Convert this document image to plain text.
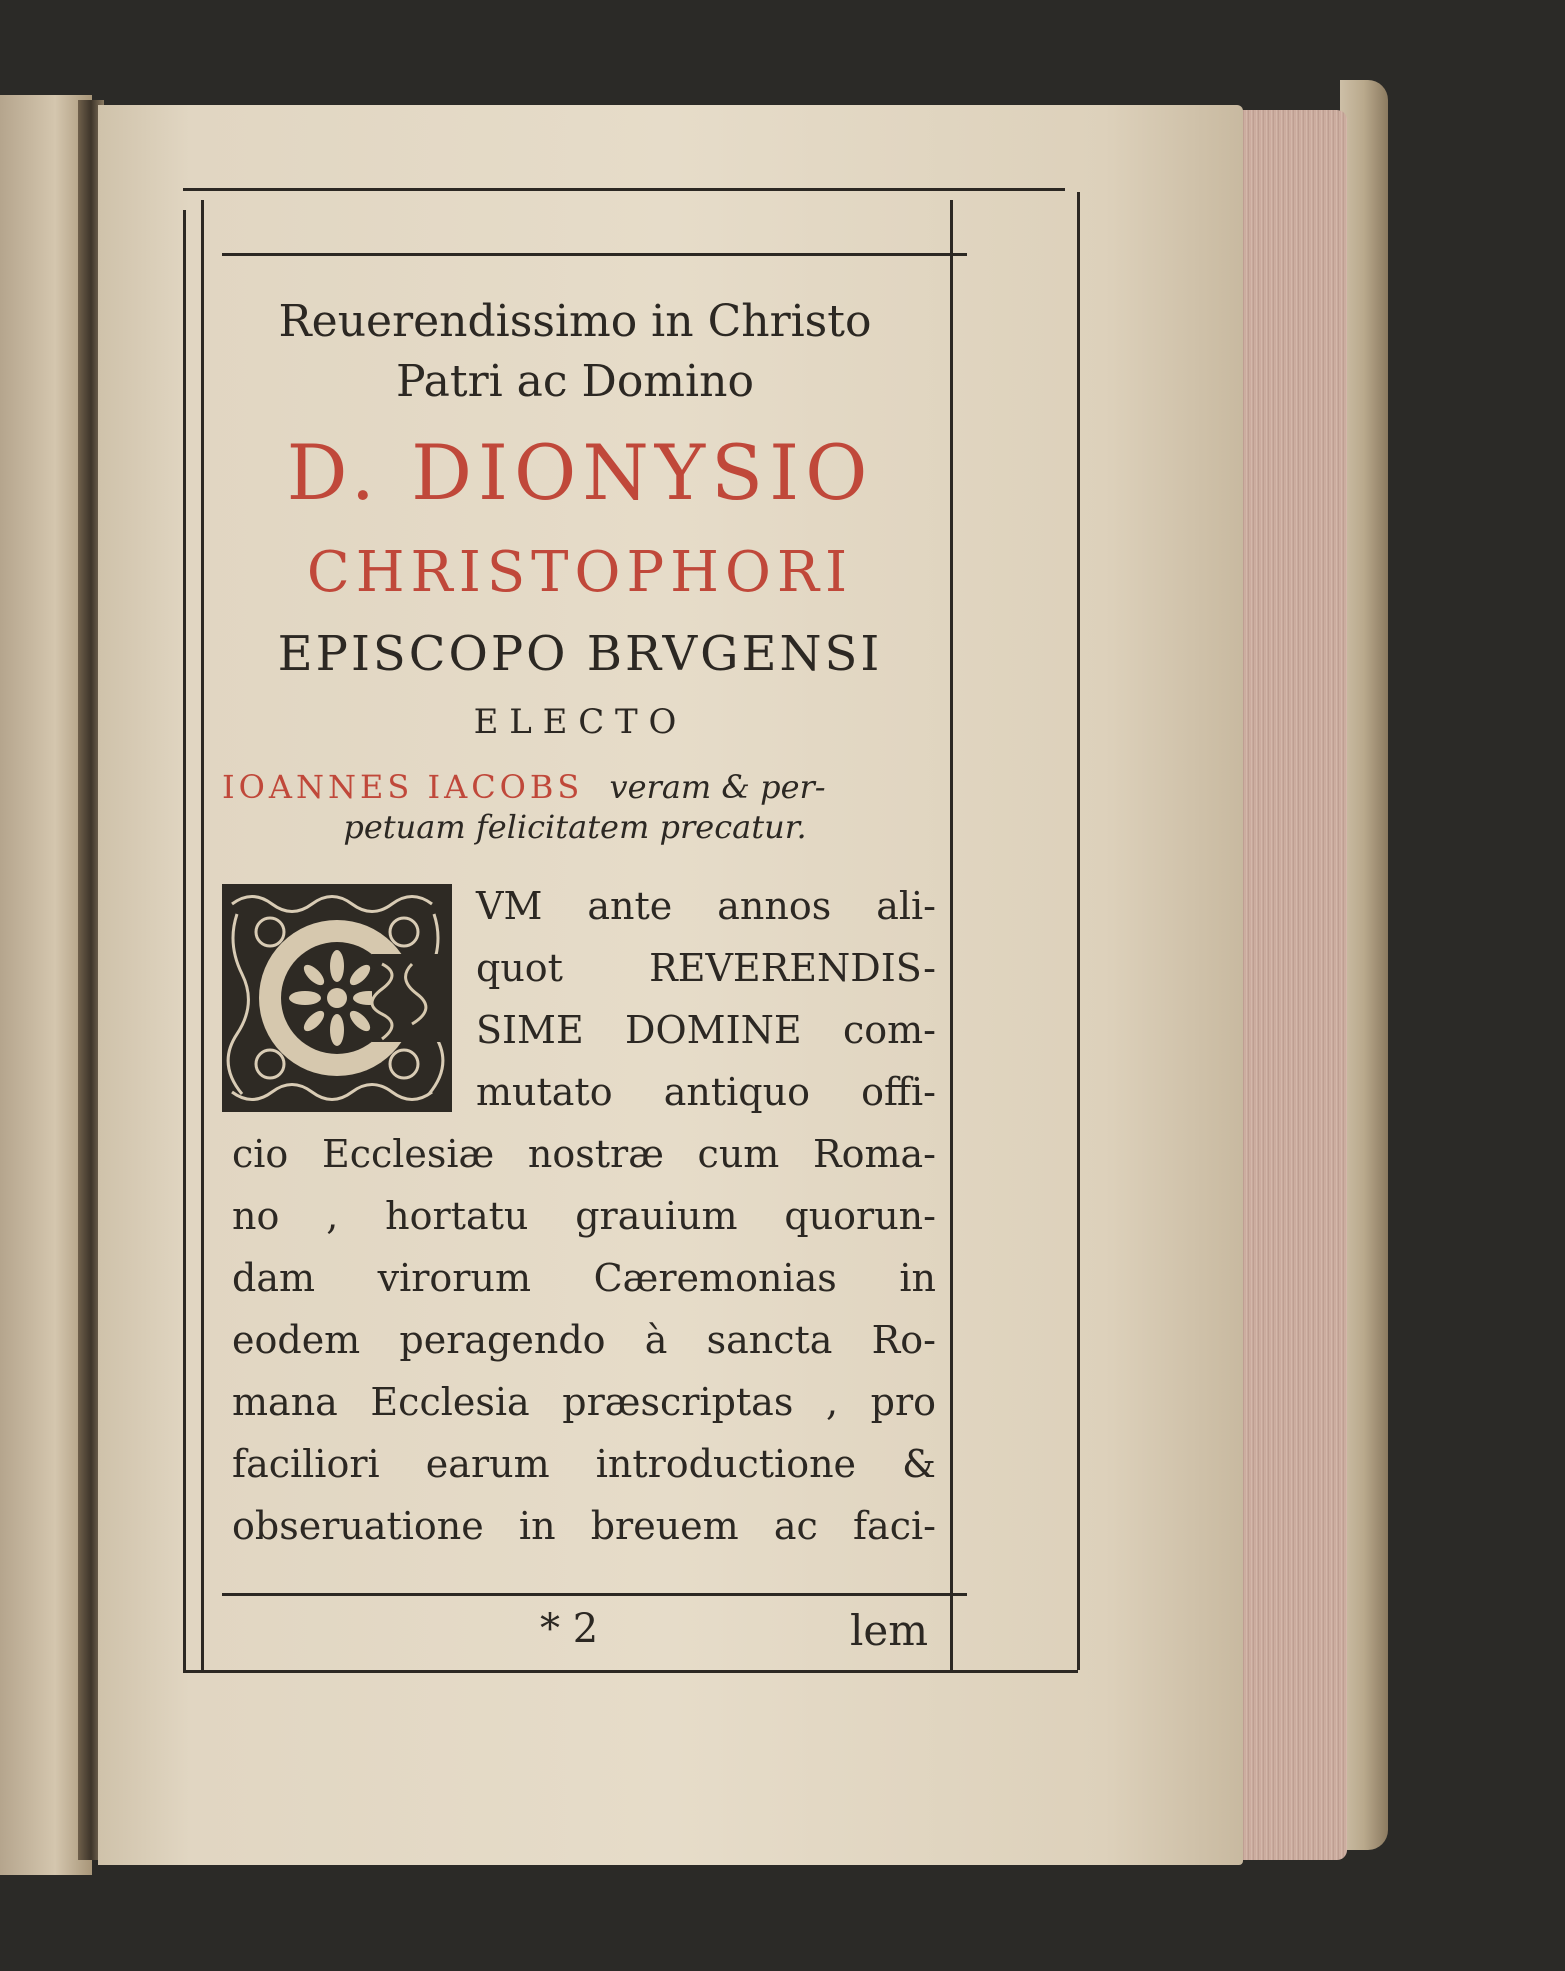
Reuerendissimo in Christo
Patri ac Domino
D. DIONYSIO
CHRISTOPHORI
EPISCOPO BRVGENSI
E L E C T O
IOANNES IACOBS veram & per-
petuam felicitatem precatur.
VM ante annos ali-
quot REVERENDIS-
SIME DOMINE com-
mutato antiquo offi-
cio Ecclesiæ nostræ cum Roma-
no , hortatu grauium quorun-
dam virorum Cæremonias in
eodem peragendo à sancta Ro-
mana Ecclesia præscriptas , pro
faciliori earum introductione &
obseruatione in breuem ac faci-
* 2	lem
